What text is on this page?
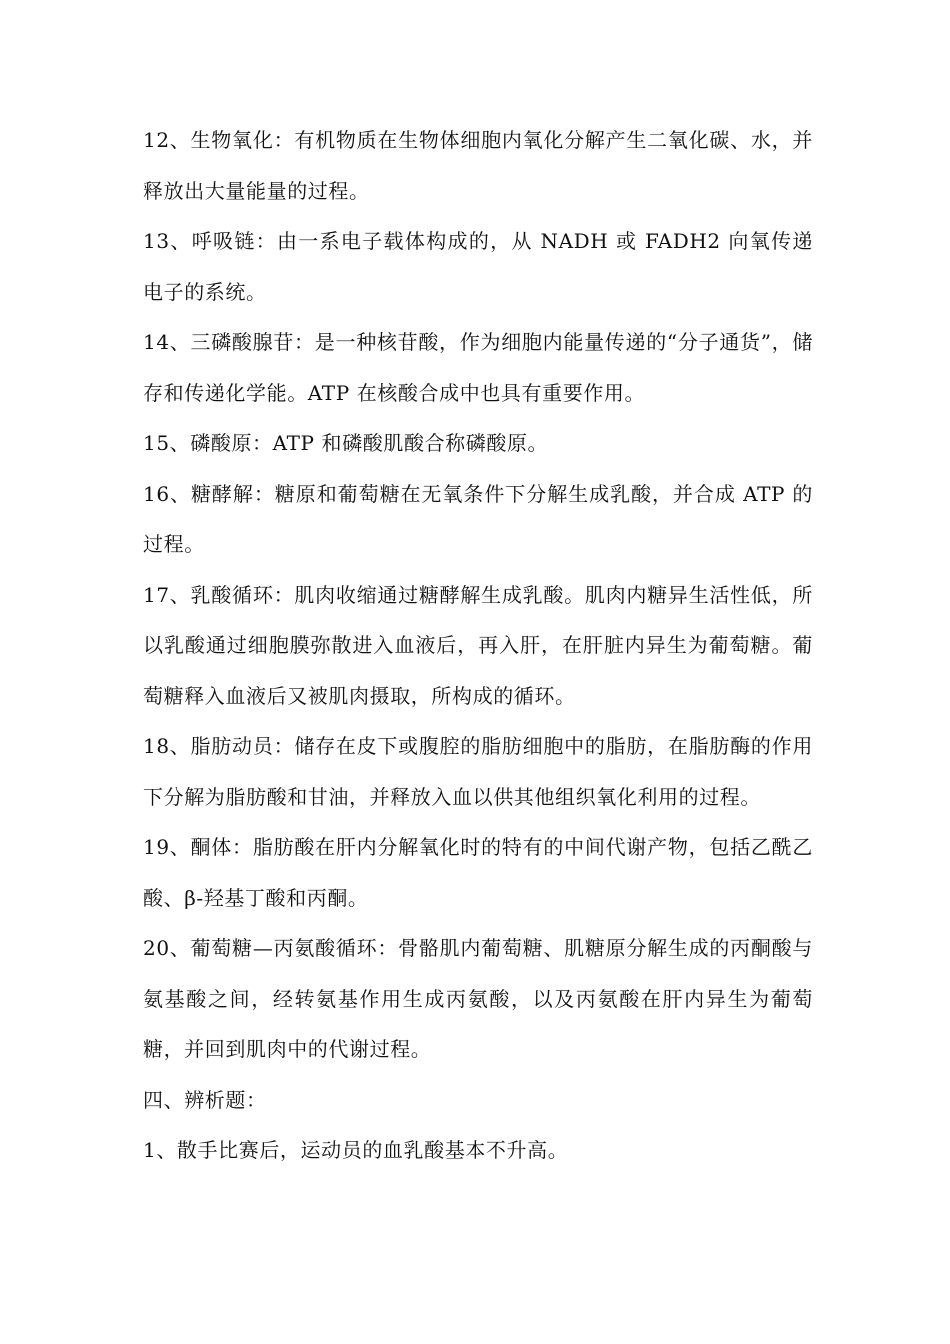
12、生物氧化：有机物质在生物体细胞内氧化分解产生二氧化碳、水，并释放出大量能量的过程。

13、呼吸链：由一系电子载体构成的，从 NADH 或 FADH2 向氧传递电子的系统。

14、三磷酸腺苷：是一种核苷酸，作为细胞内能量传递的“分子通货”，储存和传递化学能。ATP 在核酸合成中也具有重要作用。

15、磷酸原：ATP 和磷酸肌酸合称磷酸原。

16、糖酵解：糖原和葡萄糖在无氧条件下分解生成乳酸，并合成 ATP 的过程。

17、乳酸循环：肌肉收缩通过糖酵解生成乳酸。肌肉内糖异生活性低，所以乳酸通过细胞膜弥散进入血液后，再入肝，在肝脏内异生为葡萄糖。葡萄糖释入血液后又被肌肉摄取，所构成的循环。

18、脂肪动员：储存在皮下或腹腔的脂肪细胞中的脂肪，在脂肪酶的作用下分解为脂肪酸和甘油，并释放入血以供其他组织氧化利用的过程。

19、酮体：脂肪酸在肝内分解氧化时的特有的中间代谢产物，包括乙酰乙酸、β-羟基丁酸和丙酮。

20、葡萄糖—丙氨酸循环：骨骼肌内葡萄糖、肌糖原分解生成的丙酮酸与氨基酸之间，经转氨基作用生成丙氨酸，以及丙氨酸在肝内异生为葡萄糖，并回到肌肉中的代谢过程。

四、辨析题：

1、散手比赛后，运动员的血乳酸基本不升高。
